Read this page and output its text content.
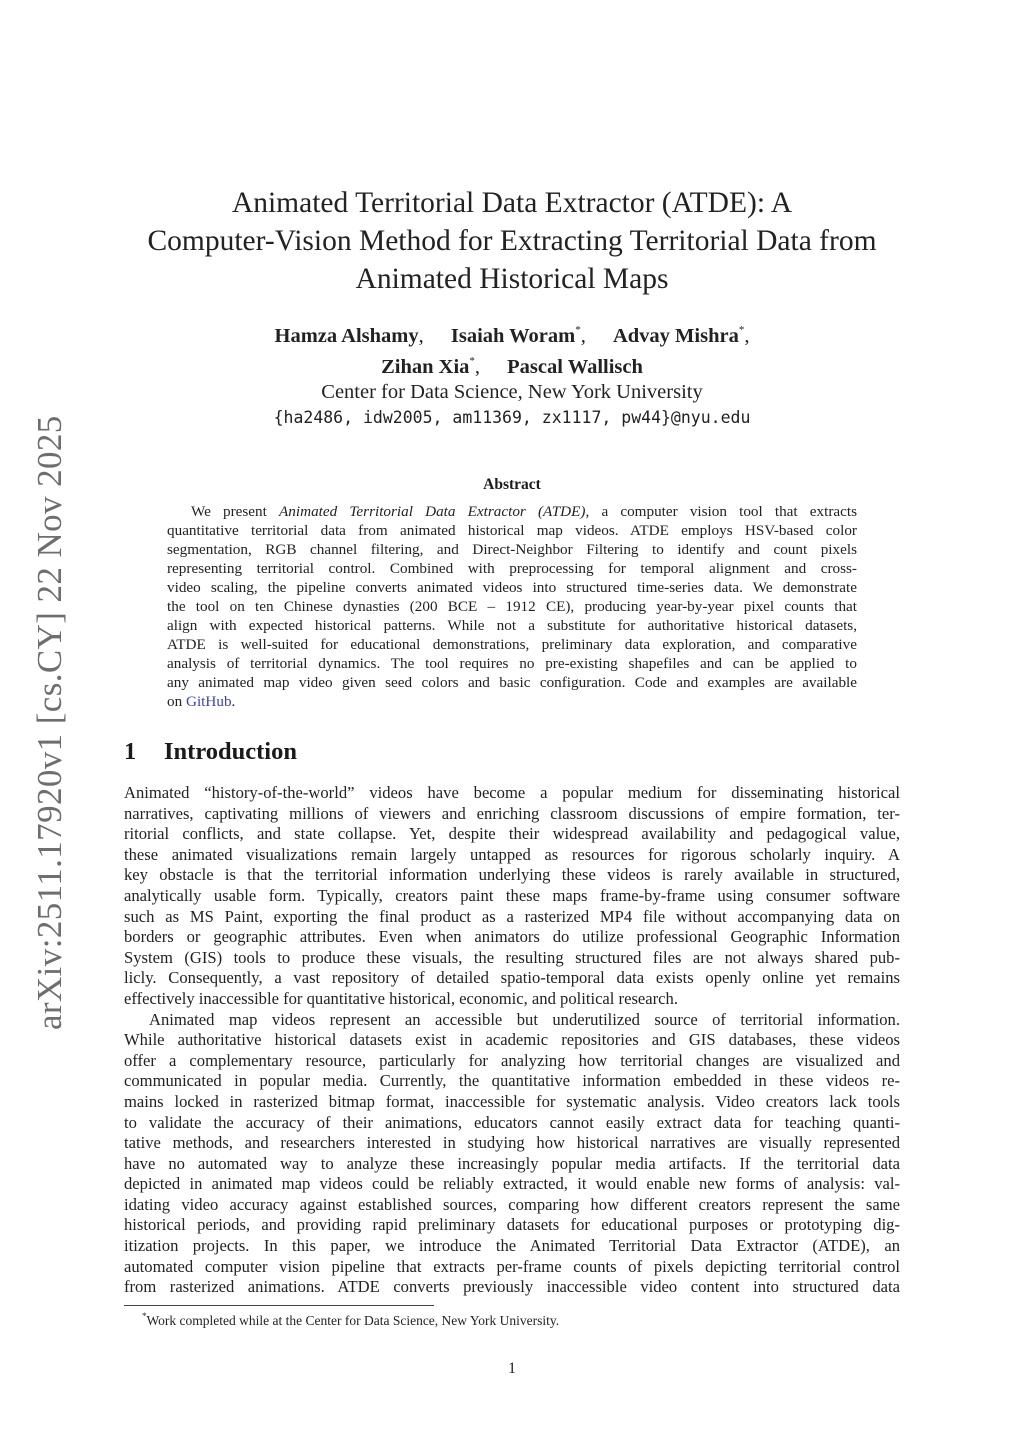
arXiv:2511.17920v1 [cs.CY] 22 Nov 2025
Animated Territorial Data Extractor (ATDE): A
Computer-Vision Method for Extracting Territorial Data from
Animated Historical Maps
Hamza Alshamy, Isaiah Woram*, Advay Mishra*,
Zihan Xia*, Pascal Wallisch
Center for Data Science, New York University
{ha2486, idw2005, am11369, zx1117, pw44}@nyu.edu
Abstract
We present Animated Territorial Data Extractor (ATDE), a computer vision tool that extracts
quantitative territorial data from animated historical map videos. ATDE employs HSV-based color
segmentation, RGB channel filtering, and Direct-Neighbor Filtering to identify and count pixels
representing territorial control. Combined with preprocessing for temporal alignment and cross-
video scaling, the pipeline converts animated videos into structured time-series data. We demonstrate
the tool on ten Chinese dynasties (200 BCE – 1912 CE), producing year-by-year pixel counts that
align with expected historical patterns. While not a substitute for authoritative historical datasets,
ATDE is well-suited for educational demonstrations, preliminary data exploration, and comparative
analysis of territorial dynamics. The tool requires no pre-existing shapefiles and can be applied to
any animated map video given seed colors and basic configuration. Code and examples are available
on GitHub.
1 Introduction
Animated “history-of-the-world” videos have become a popular medium for disseminating historical
narratives, captivating millions of viewers and enriching classroom discussions of empire formation, ter-
ritorial conflicts, and state collapse. Yet, despite their widespread availability and pedagogical value,
these animated visualizations remain largely untapped as resources for rigorous scholarly inquiry. A
key obstacle is that the territorial information underlying these videos is rarely available in structured,
analytically usable form. Typically, creators paint these maps frame-by-frame using consumer software
such as MS Paint, exporting the final product as a rasterized MP4 file without accompanying data on
borders or geographic attributes. Even when animators do utilize professional Geographic Information
System (GIS) tools to produce these visuals, the resulting structured files are not always shared pub-
licly. Consequently, a vast repository of detailed spatio-temporal data exists openly online yet remains
effectively inaccessible for quantitative historical, economic, and political research.
Animated map videos represent an accessible but underutilized source of territorial information.
While authoritative historical datasets exist in academic repositories and GIS databases, these videos
offer a complementary resource, particularly for analyzing how territorial changes are visualized and
communicated in popular media. Currently, the quantitative information embedded in these videos re-
mains locked in rasterized bitmap format, inaccessible for systematic analysis. Video creators lack tools
to validate the accuracy of their animations, educators cannot easily extract data for teaching quanti-
tative methods, and researchers interested in studying how historical narratives are visually represented
have no automated way to analyze these increasingly popular media artifacts. If the territorial data
depicted in animated map videos could be reliably extracted, it would enable new forms of analysis: val-
idating video accuracy against established sources, comparing how different creators represent the same
historical periods, and providing rapid preliminary datasets for educational purposes or prototyping dig-
itization projects. In this paper, we introduce the Animated Territorial Data Extractor (ATDE), an
automated computer vision pipeline that extracts per-frame counts of pixels depicting territorial control
from rasterized animations. ATDE converts previously inaccessible video content into structured data
*Work completed while at the Center for Data Science, New York University.
1
